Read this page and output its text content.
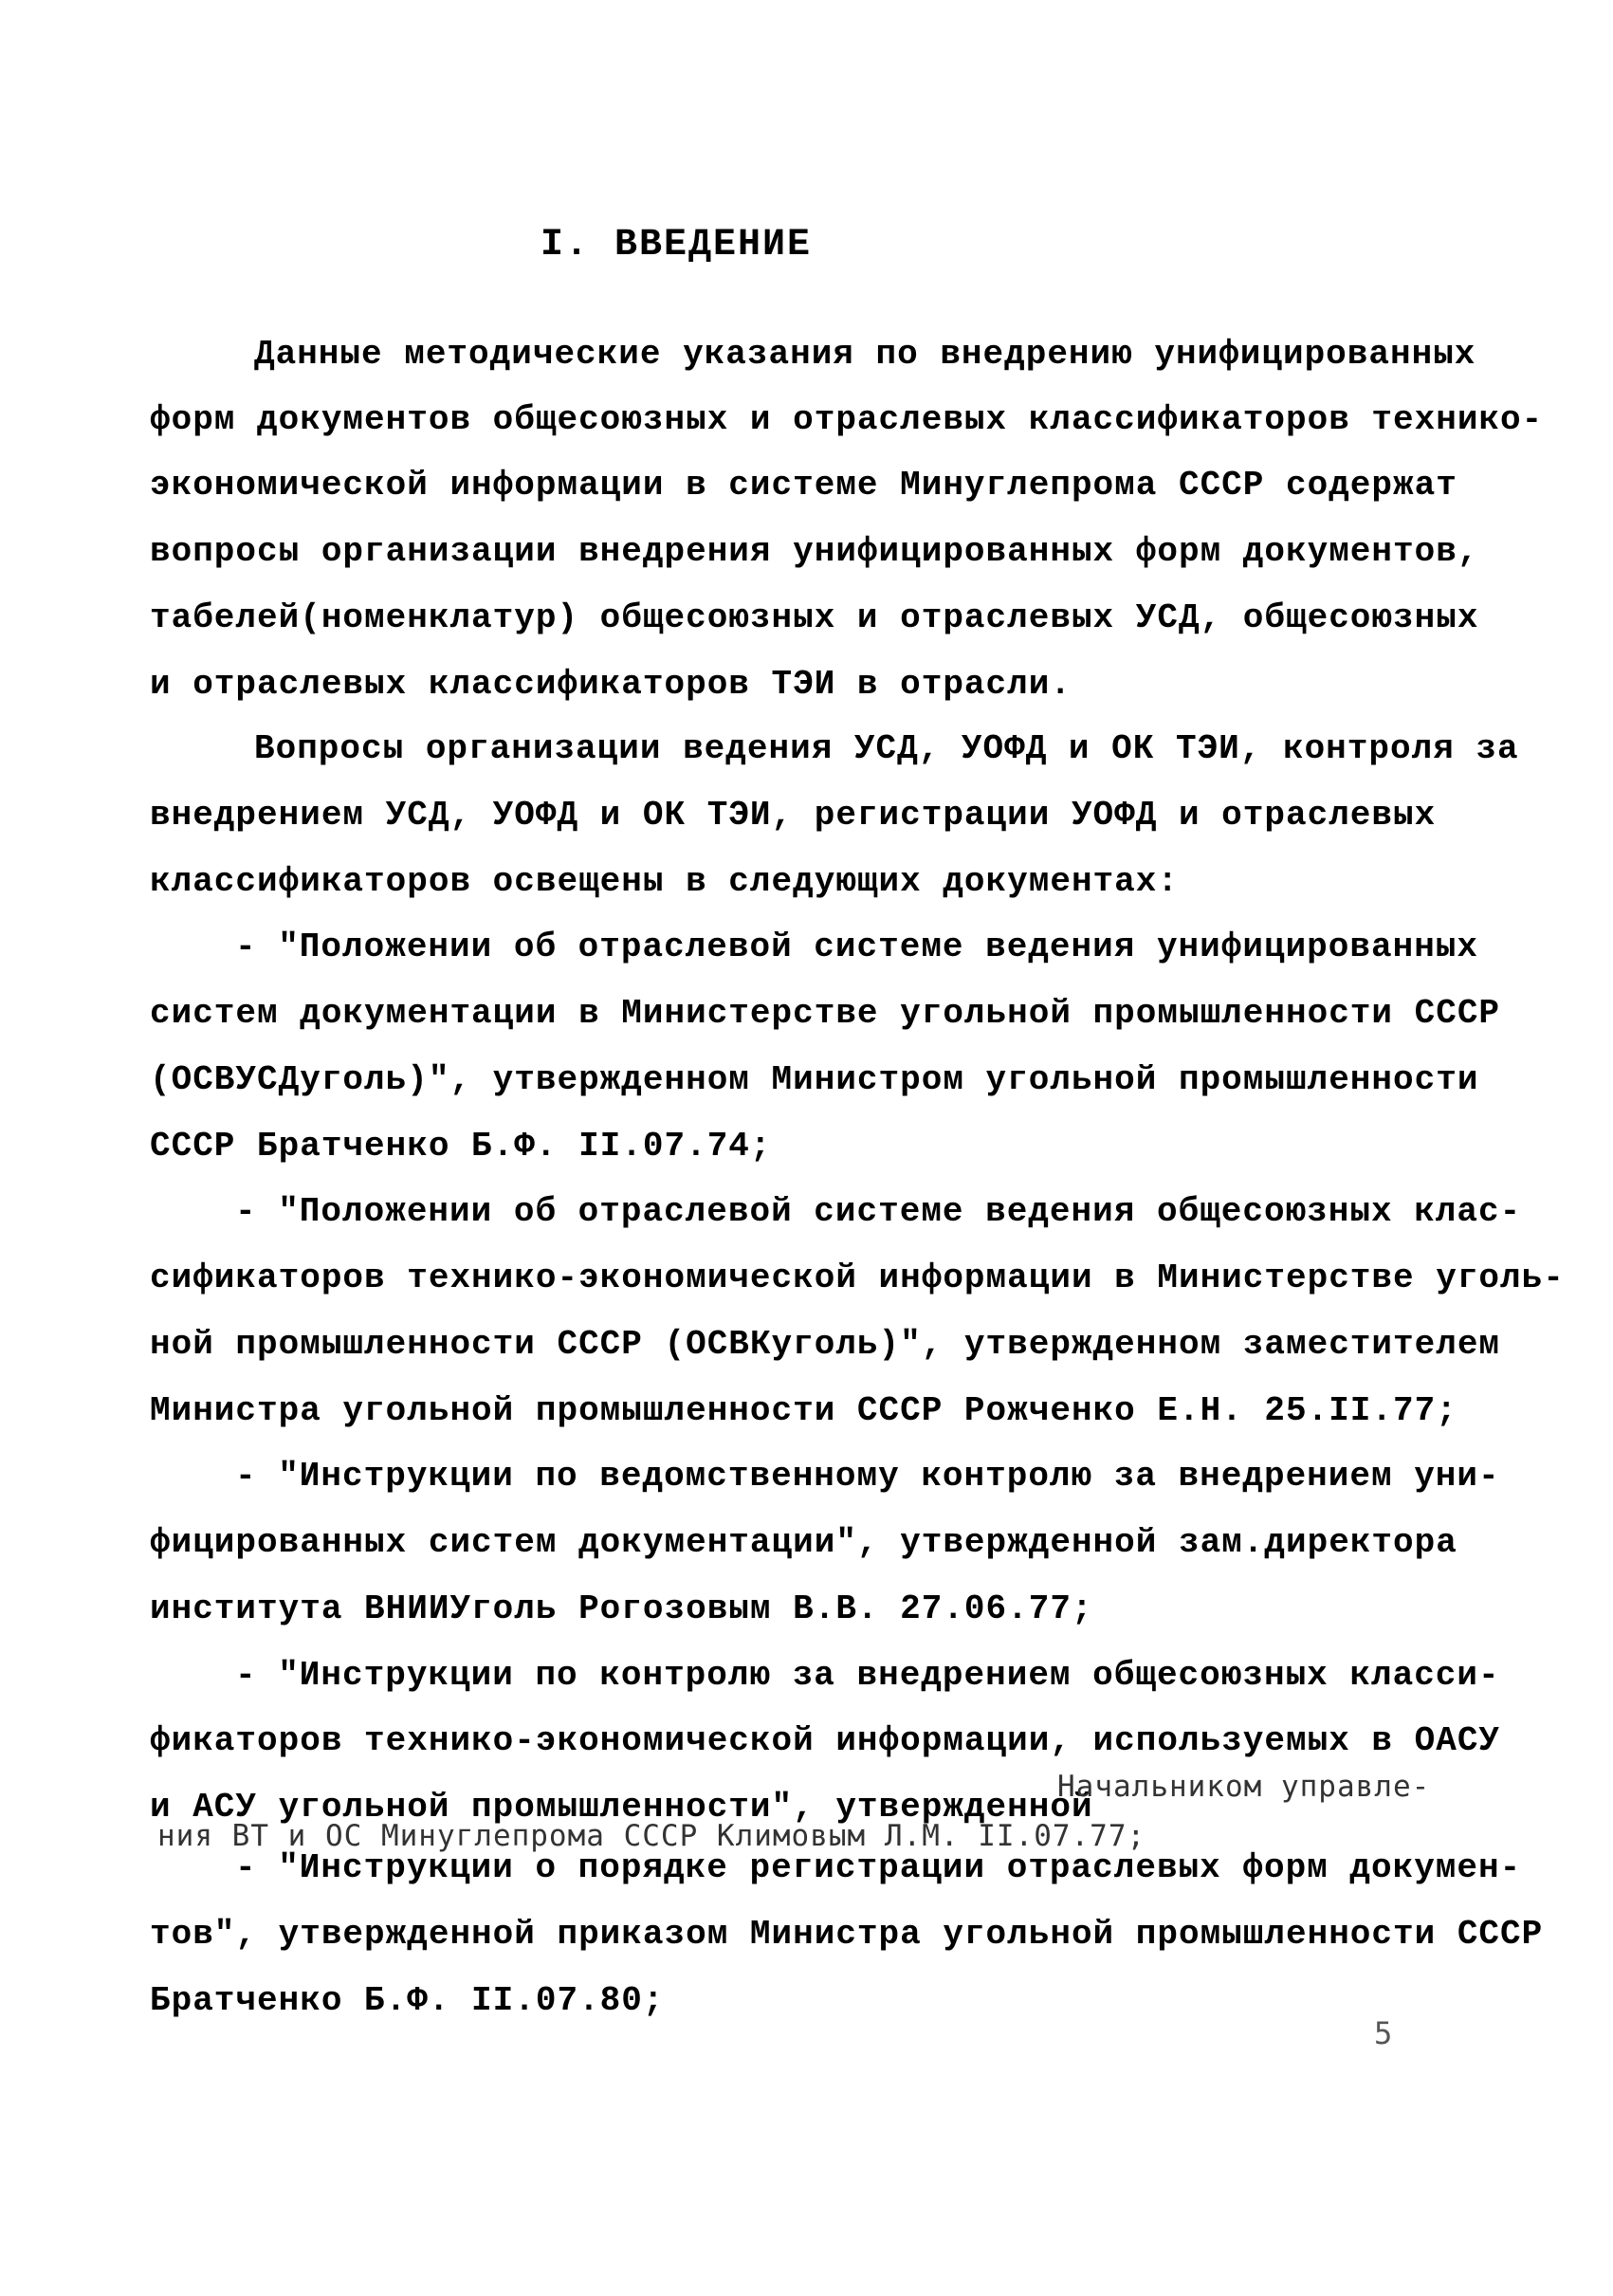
I. ВВЕДЕНИЕ
Данные методические указания по внедрению унифицированных
форм документов общесоюзных и отраслевых классификаторов технико-
экономической информации в системе Минуглепрома СССР содержат
вопросы организации внедрения унифицированных форм документов,
табелей(номенклатур) общесоюзных и отраслевых УСД, общесоюзных
и отраслевых классификаторов ТЭИ в отрасли.
Вопросы организации ведения УСД, УОФД и ОК ТЭИ, контроля за
внедрением УСД, УОФД и ОК ТЭИ, регистрации УОФД и отраслевых
классификаторов освещены в следующих документах:
- "Положении об отраслевой системе ведения унифицированных
систем документации в Министерстве угольной промышленности СССР
(ОСВУСДуголь)", утвержденном Министром угольной промышленности
СССР Братченко Б.Ф. II.07.74;
- "Положении об отраслевой системе ведения общесоюзных клас-
сификаторов технико-экономической информации в Министерстве уголь-
ной промышленности СССР (ОСВКуголь)", утвержденном заместителем
Министра угольной промышленности СССР Рожченко Е.Н. 25.II.77;
- "Инструкции по ведомственному контролю за внедрением уни-
фицированных систем документации", утвержденной зам.директора
института ВНИИУголь Рогозовым В.В. 27.06.77;
- "Инструкции по контролю за внедрением общесоюзных класси-
фикаторов технико-экономической информации, используемых в ОАСУ
и АСУ угольной промышленности", утвержденной
Начальником управле-
ния ВТ и ОС Минуглепрома СССР Климовым Л.М. II.07.77;
- "Инструкции о порядке регистрации отраслевых форм докумен-
тов", утвержденной приказом Министра угольной промышленности СССР
Братченко Б.Ф. II.07.80;
5
